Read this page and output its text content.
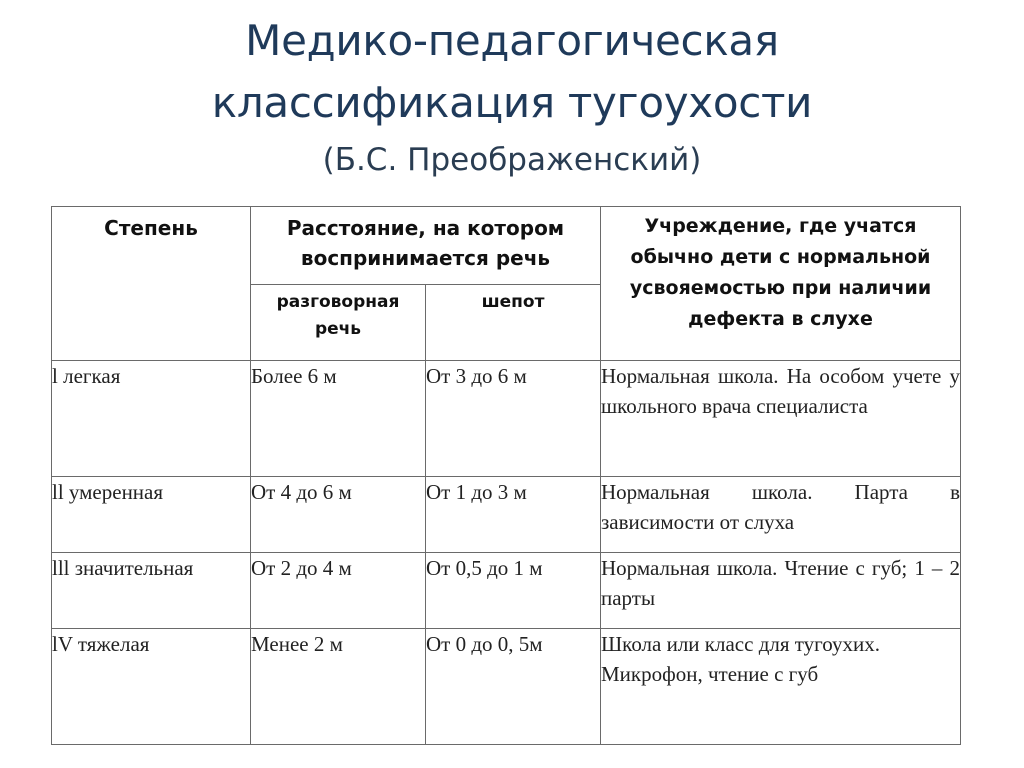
Медико-педагогическая
классификация тугоухости
(Б.С. Преображенский)
Степень	Расстояние, на котором воспринимается речь		Учреждение, где учатся обычно дети с нормальной усвояемостью при наличии дефекта в слухе
	разговорная речь	шепот	
l легкая	Более 6 м	От 3 до 6 м	Нормальная школа. На особом учете у школьного врача специалиста
ll умеренная	От 4 до 6 м	От 1 до 3 м	Нормальная школа. Парта в зависимости от слуха
lll значительная	От 2 до 4 м	От 0,5 до 1 м	Нормальная школа. Чтение с губ; 1 – 2 парты
lV тяжелая	Менее 2 м	От 0 до 0, 5м	Школа или класс для тугоухих. Микрофон, чтение с губ
